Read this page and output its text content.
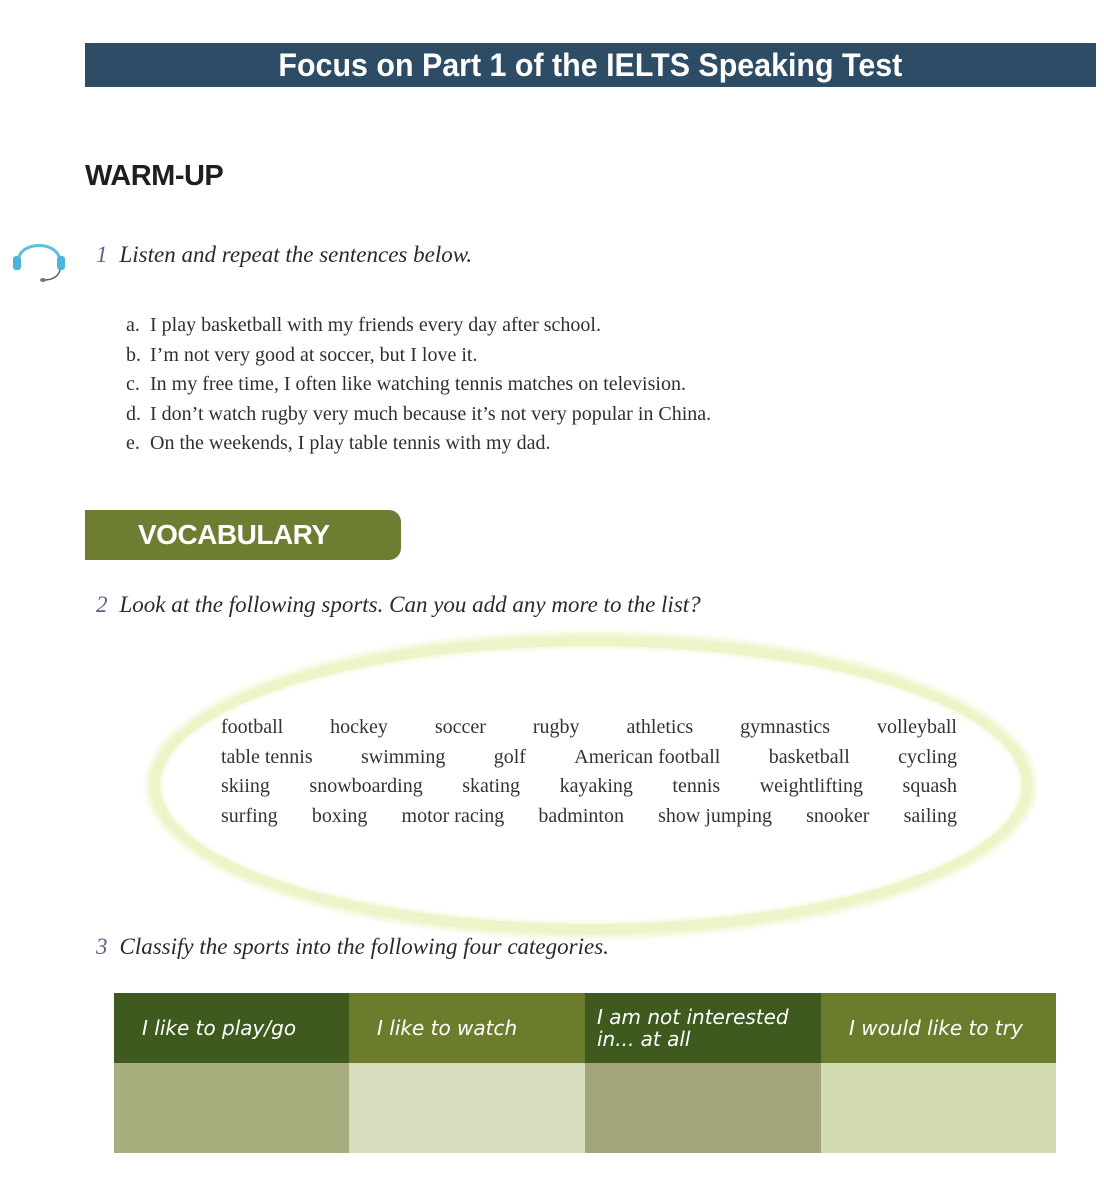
Focus on Part 1 of the IELTS Speaking Test
WARM-UP
1 Listen and repeat the sentences below.
a. I play basketball with my friends every day after school.
b. I’m not very good at soccer, but I love it.
c. In my free time, I often like watching tennis matches on television.
d. I don’t watch rugby very much because it’s not very popular in China.
e. On the weekends, I play table tennis with my dad.
VOCABULARY
2 Look at the following sports. Can you add any more to the list?
football hockey soccer rugby athletics gymnastics volleyball
table tennis swimming golf American football basketball cycling
skiing snowboarding skating kayaking tennis weightlifting squash
surfing boxing motor racing badminton show jumping snooker sailing
3 Classify the sports into the following four categories.
I like to play/go	I like to watch	I am not interested in... at all	I would like to try
